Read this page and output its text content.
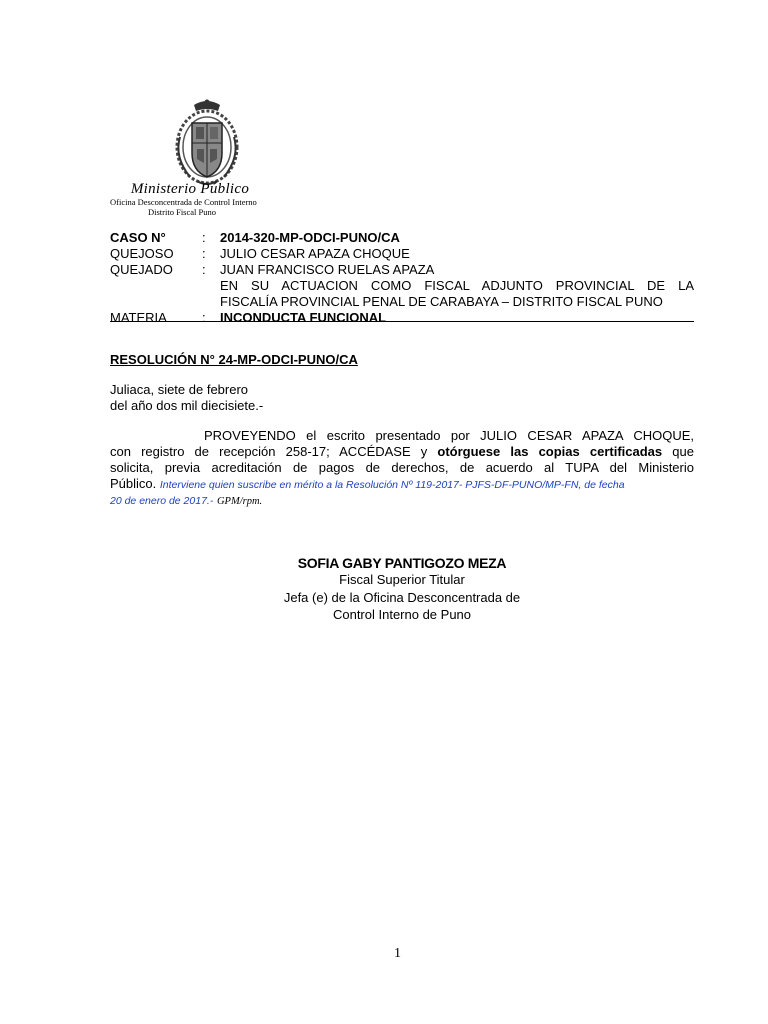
Ministerio Público
Oficina Desconcentrada de Control Interno
Distrito Fiscal Puno
CASO N°	: 2014-320-MP-ODCI-PUNO/CA
QUEJOSO : JULIO CESAR APAZA CHOQUE
QUEJADO : JUAN FRANCISCO RUELAS APAZA
EN SU ACTUACION COMO FISCAL ADJUNTO PROVINCIAL DE LA
FISCALÍA PROVINCIAL PENAL DE CARABAYA – DISTRITO FISCAL PUNO
MATERIA	: INCONDUCTA FUNCIONAL
RESOLUCIÓN N° 24-MP-ODCI-PUNO/CA
Juliaca, siete de febrero
del año dos mil diecisiete.-
PROVEYENDO el escrito presentado por JULIO CESAR APAZA CHOQUE,
con registro de recepción 258-17; ACCÉDASE y otórguese las copias certificadas que
solicita, previa acreditación de pagos de derechos, de acuerdo al TUPA del Ministerio
Público. Interviene quien suscribe en mérito a la Resolución Nº 119-2017- PJFS-DF-PUNO/MP-FN, de fecha
20 de enero de 2017.- GPM/rpm.
SOFIA GABY PANTIGOZO MEZA
Fiscal Superior Titular
Jefa (e) de la Oficina Desconcentrada de
Control Interno de Puno
1
